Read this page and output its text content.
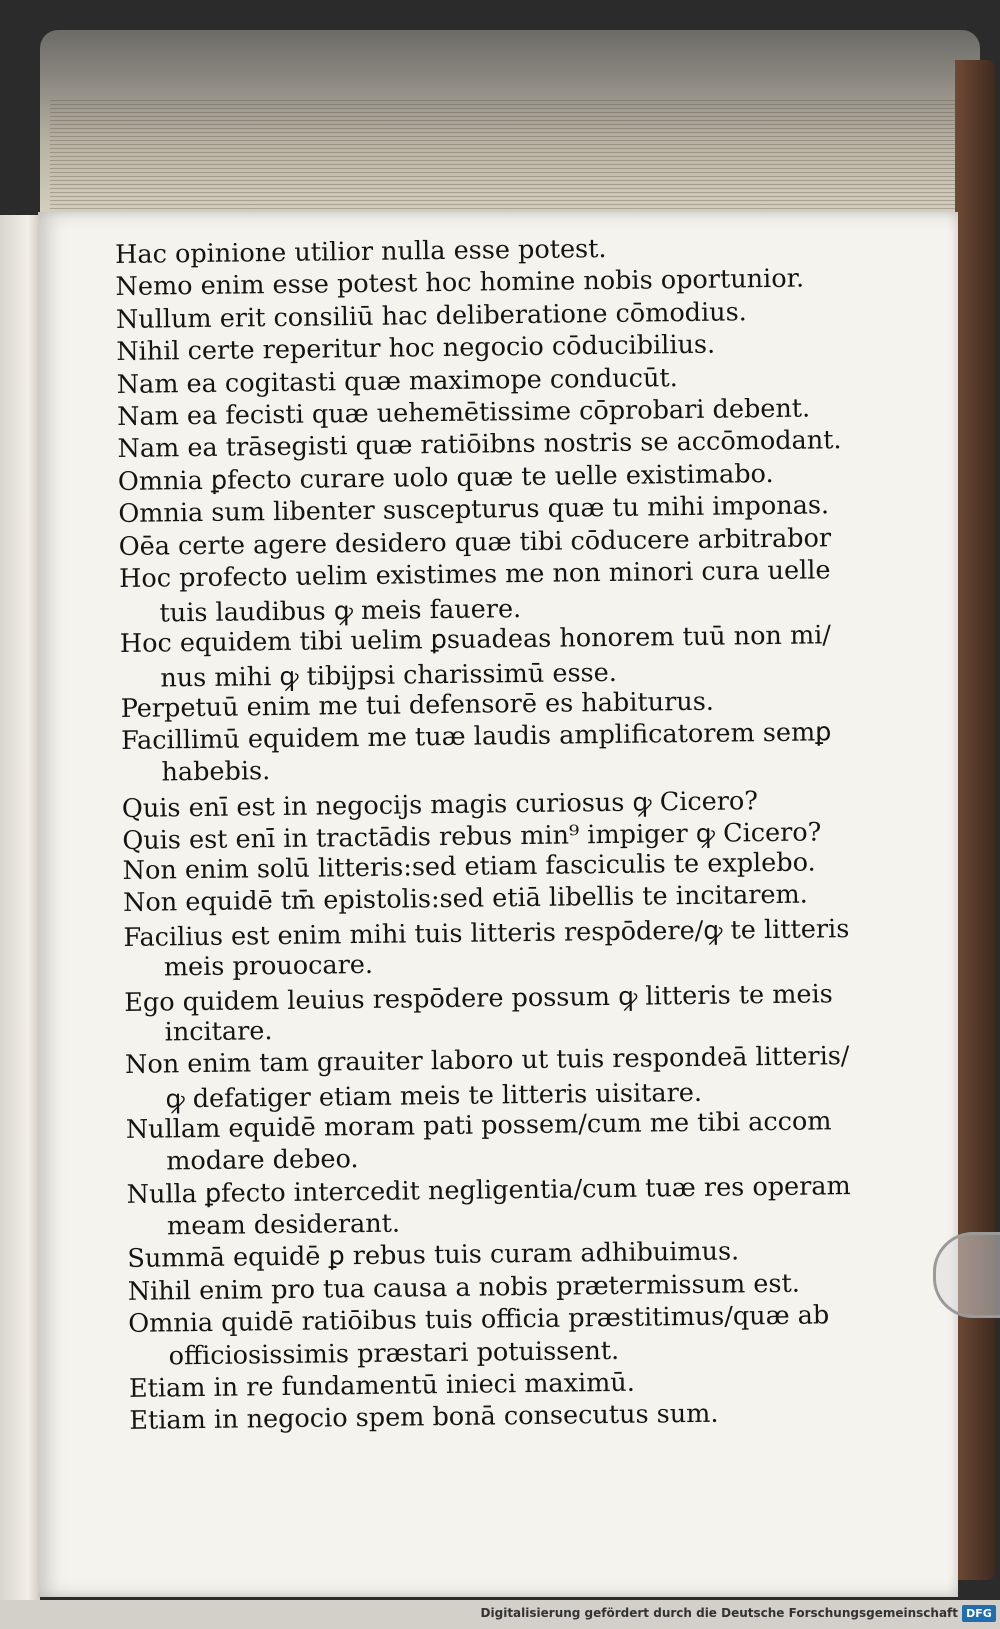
Hac opinione utilior nulla esse potest.
Nemo enim esse potest hoc homine nobis oportunior.
Nullum erit consiliū hac deliberatione cōmodius.
Nihil certe reperitur hoc negocio cōducibilius.
Nam ea cogitasti quæ maximope conducūt.
Nam ea fecisti quæ uehemētissime cōprobari debent.
Nam ea trāsegisti quæ ratiōibns nostris se accōmodant.
Omnia ꝑfecto curare uolo quæ te uelle existimabo.
Omnia sum libenter suscepturus quæ tu mihi imponas.
Oēa certe agere desidero quæ tibi cōducere arbitrabor
Hoc profecto uelim existimes me non minori cura uelle
tuis laudibus ꝙ meis fauere.
Hoc equidem tibi uelim ꝑsuadeas honorem tuū non mi/
nus mihi ꝙ tibijpsi charissimū esse.
Perpetuū enim me tui defensorē es habiturus.
Facillimū equidem me tuæ laudis amplificatorem semꝑ
habebis.
Quis enī est in negocijs magis curiosus ꝙ Cicero?
Quis est enī in tractādis rebus min⁹ impiger ꝙ Cicero?
Non enim solū litteris:sed etiam fasciculis te explebo.
Non equidē tm̄ epistolis:sed etiā libellis te incitarem.
Facilius est enim mihi tuis litteris respōdere/ꝙ te litteris
meis prouocare.
Ego quidem leuius respōdere possum ꝙ litteris te meis
incitare.
Non enim tam grauiter laboro ut tuis respondeā litteris/
ꝙ defatiger etiam meis te litteris uisitare.
Nullam equidē moram pati possem/cum me tibi accom
modare debeo.
Nulla ꝑfecto intercedit negligentia/cum tuæ res operam
meam desiderant.
Summā equidē ꝑ rebus tuis curam adhibuimus.
Nihil enim pro tua causa a nobis prætermissum est.
Omnia quidē ratiōibus tuis officia præstitimus/quæ ab
officiosissimis præstari potuissent.
Etiam in re fundamentū inieci maximū.
Etiam in negocio spem bonā consecutus sum.
Digitalisierung gefördert durch die Deutsche Forschungsgemeinschaft DFG
